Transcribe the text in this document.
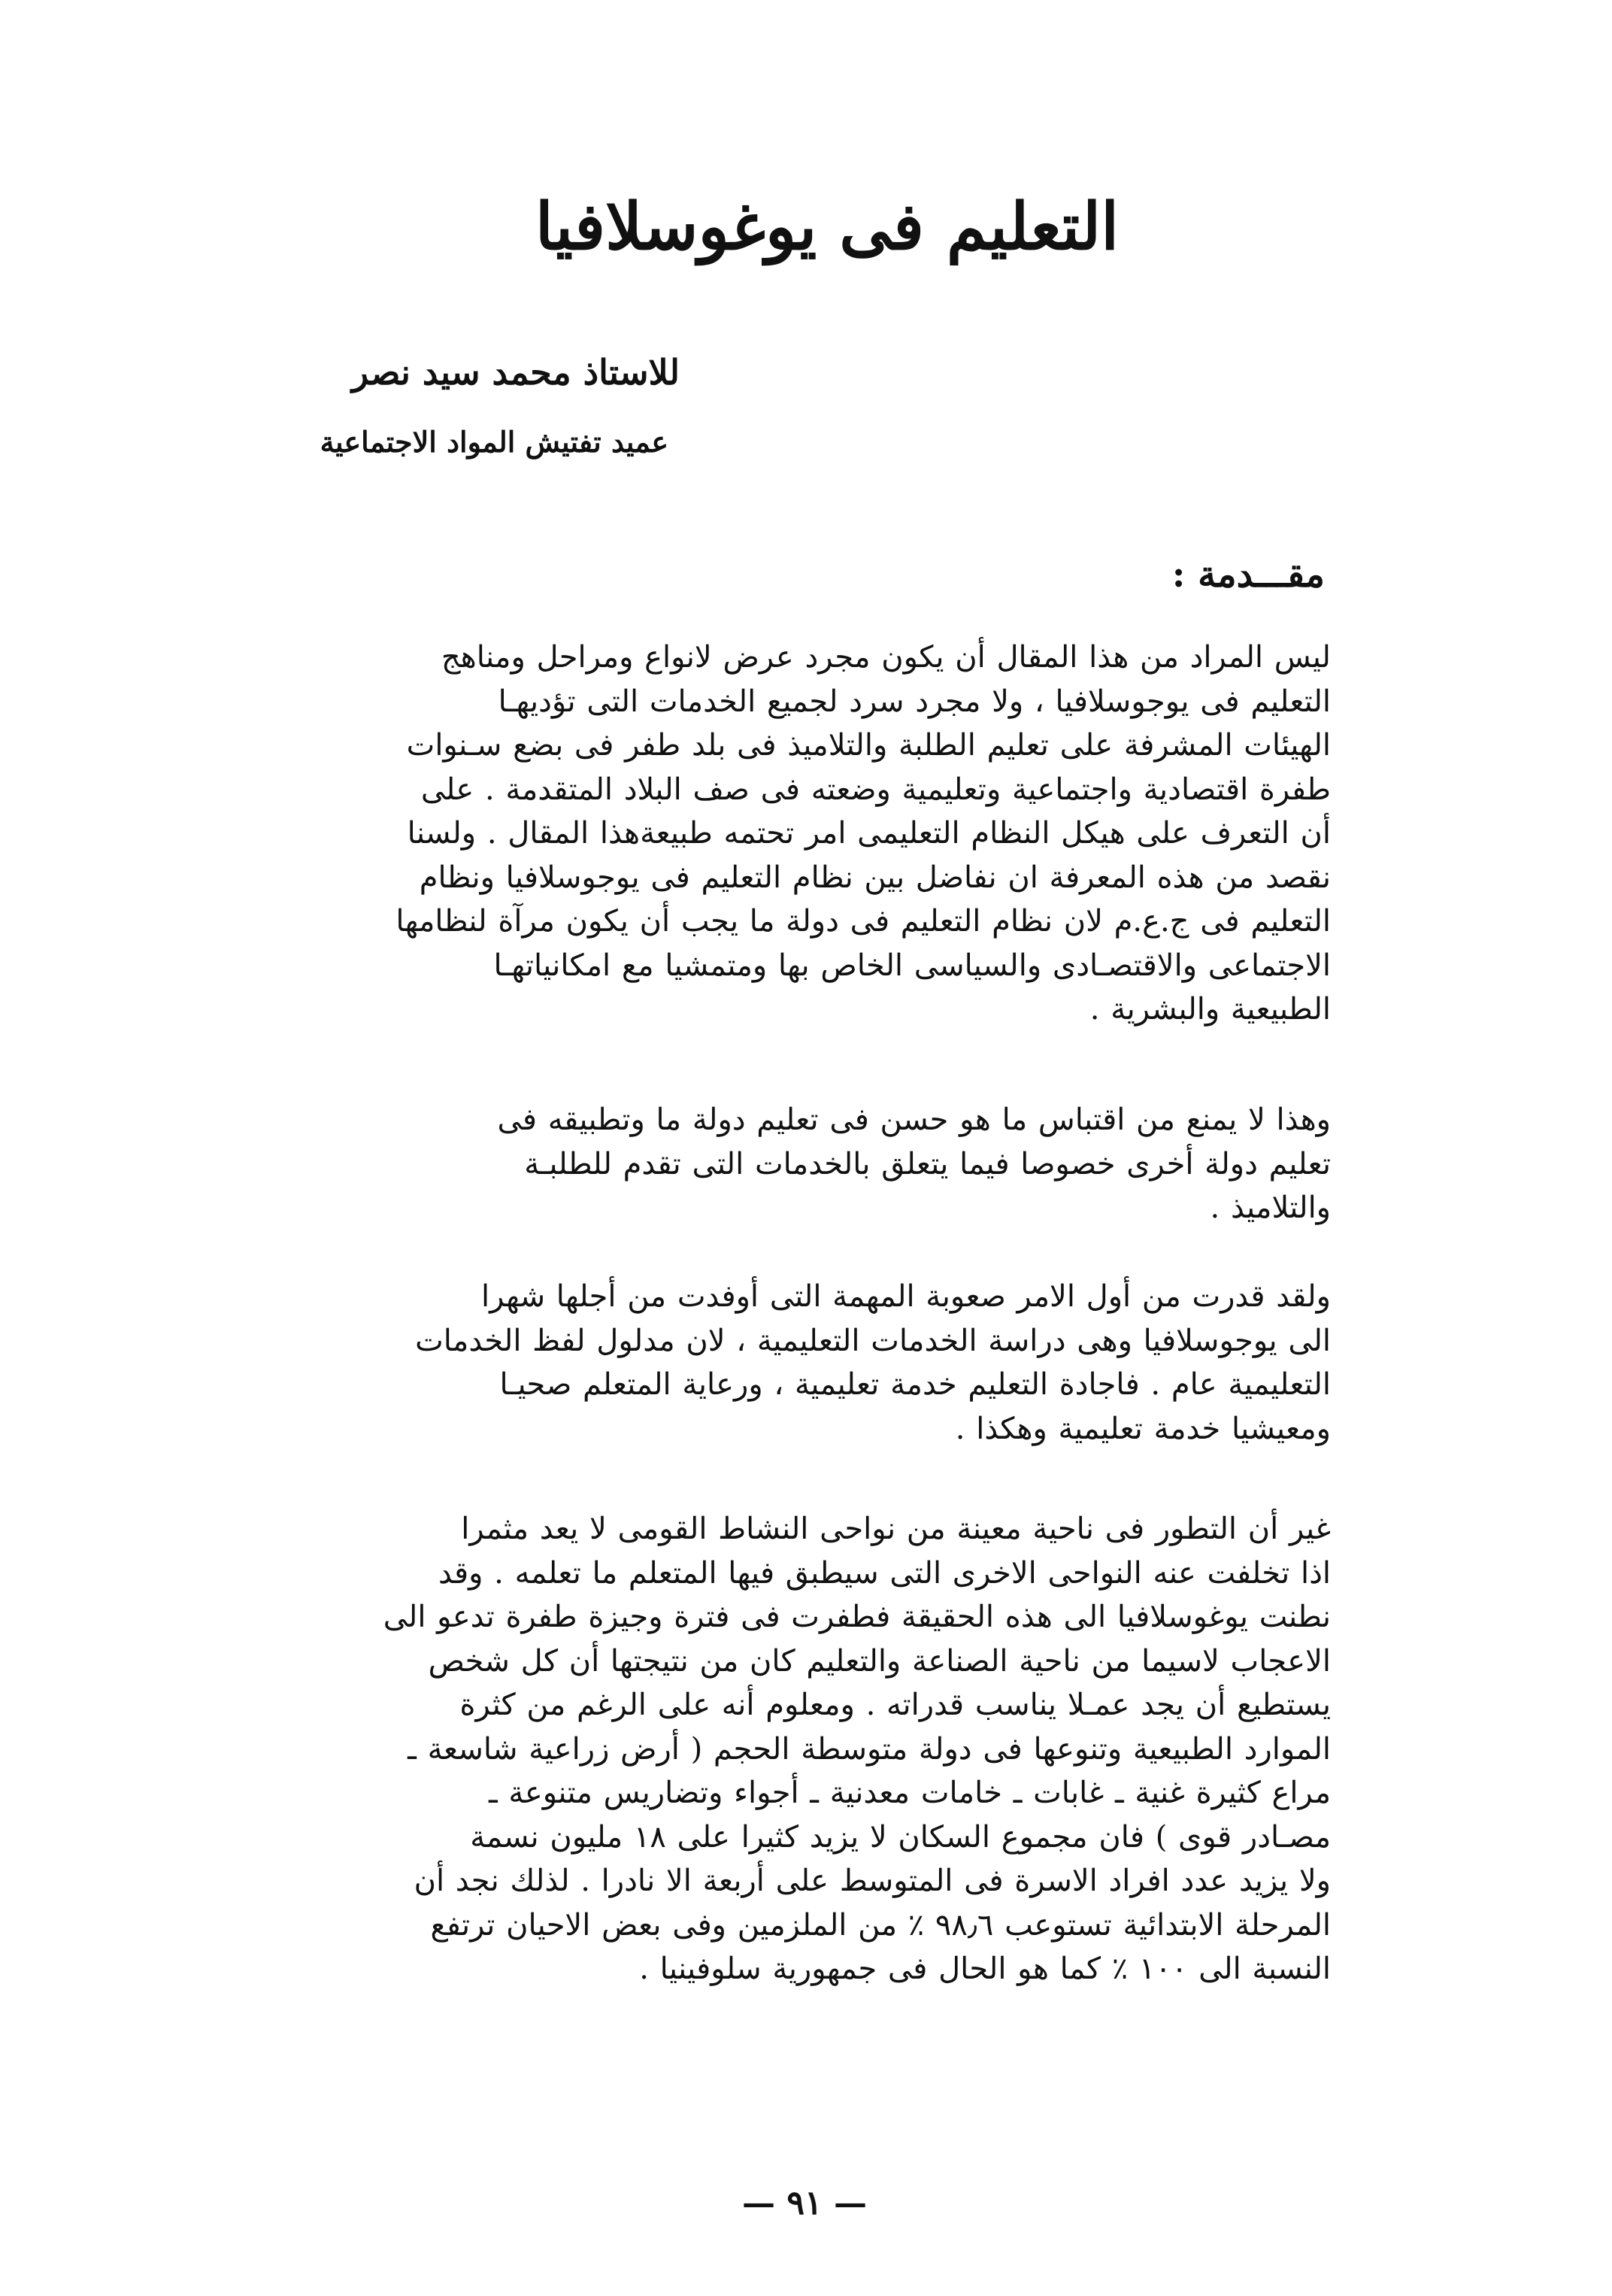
التعليم فى يوغوسلافيا
للاستاذ محمد سيد نصر
عميد تفتيش المواد الاجتماعية
مقـــدمة :
ليس المراد من هذا المقال أن يكون مجرد عرض لانواع ومراحل ومناهج
التعليم فى يوجوسلافيا ، ولا مجرد سرد لجميع الخدمات التى تؤديهـا
الهيئات المشرفة على تعليم الطلبة والتلاميذ فى بلد طفر فى بضع سـنوات
طفرة اقتصادية واجتماعية وتعليمية وضعته فى صف البلاد المتقدمة . على
أن التعرف على هيكل النظام التعليمى امر تحتمه طبيعةهذا المقال . ولسنا
نقصد من هذه المعرفة ان نفاضل بين نظام التعليم فى يوجوسلافيا ونظام
التعليم فى ج.ع.م لان نظام التعليم فى دولة ما يجب أن يكون مرآة لنظامها
الاجتماعى والاقتصـادى والسياسى الخاص بها ومتمشيا مع امكانياتهـا
الطبيعية والبشرية .
وهذا لا يمنع من اقتباس ما هو حسن فى تعليم دولة ما وتطبيقه فى
تعليم دولة أخرى خصوصا فيما يتعلق بالخدمات التى تقدم للطلبـة
والتلاميذ .
ولقد قدرت من أول الامر صعوبة المهمة التى أوفدت من أجلها شهرا
الى يوجوسلافيا وهى دراسة الخدمات التعليمية ، لان مدلول لفظ الخدمات
التعليمية عام . فاجادة التعليم خدمة تعليمية ، ورعاية المتعلم صحيـا
ومعيشيا خدمة تعليمية وهكذا .
غير أن التطور فى ناحية معينة من نواحى النشاط القومى لا يعد مثمرا
اذا تخلفت عنه النواحى الاخرى التى سيطبق فيها المتعلم ما تعلمه . وقد
نطنت يوغوسلافيا الى هذه الحقيقة فطفرت فى فترة وجيزة طفرة تدعو الى
الاعجاب لاسيما من ناحية الصناعة والتعليم كان من نتيجتها أن كل شخص
يستطيع أن يجد عمـلا يناسب قدراته . ومعلوم أنه على الرغم من كثرة
الموارد الطبيعية وتنوعها فى دولة متوسطة الحجم ( أرض زراعية شاسعة ـ
مراع كثيرة غنية ـ غابات ـ خامات معدنية ـ أجواء وتضاريس متنوعة ـ
مصـادر قوى ) فان مجموع السكان لا يزيد كثيرا على ١٨ مليون نسمة
ولا يزيد عدد افراد الاسرة فى المتوسط على أربعة الا نادرا . لذلك نجد أن
المرحلة الابتدائية تستوعب ٩٨٫٦ ٪ من الملزمين وفى بعض الاحيان ترتفع
النسبة الى ١٠٠ ٪ كما هو الحال فى جمهورية سلوفينيا .
— ٩١ —
